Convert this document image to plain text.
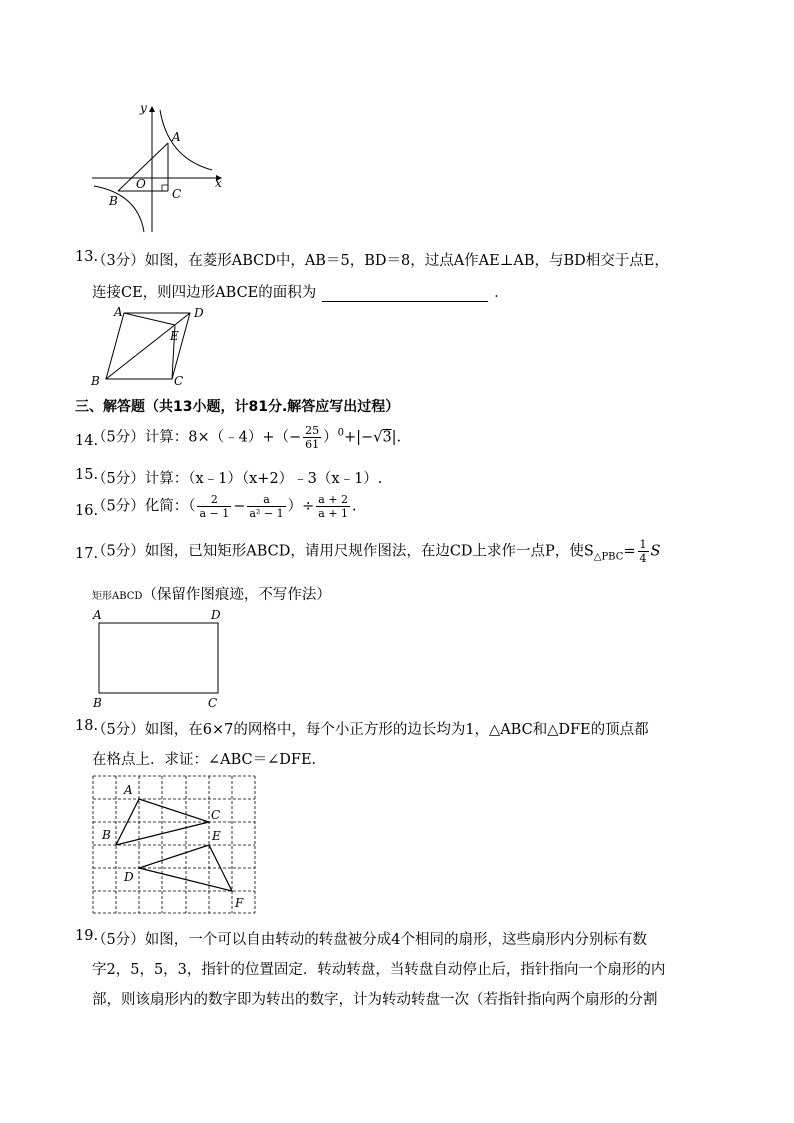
y
x
A
O
B	C
13.
（3分）如图，在菱形ABCD中，AB＝5，BD＝8，过点A作AE⊥AB，与BD相交于点E，
连接CE，则四边形ABCE的面积为	．
A	D
E
B	C
三、解答题（共13小题，计81分.解答应写出过程）
14.
（5分）计算：8×（﹣4）+（− $\frac{25}{61} )^0+|-√3|$.
15.
（5分）计算：（x﹣1）（x+2）﹣3（x﹣1）.
16.
（5分）化简：（ $\frac{2}{a - 1} - \frac{a}{\text{a² − 1}}$ ）÷ $\frac{a + 2}{a + 1}$ .
17.
（5分）如图，已知矩形ABCD，请用尺规作图法，在边CD上求作一点P，使$S_{\triangle PBC}= \frac{1}{4}$ S
矩形ABCD（保留作图痕迹，不写作法）
A	D
B	C
18.
（5分）如图，在6×7的网格中，每个小正方形的边长均为1，△ABC和△DFE的顶点都
在格点上．求证：∠ABC＝∠DFE．
A
B
C
D
E
F
19.
（5分）如图，一个可以自由转动的转盘被分成4个相同的扇形，这些扇形内分别标有数
字2，5，5，3，指针的位置固定．转动转盘，当转盘自动停止后，指针指向一个扇形的内
部，则该扇形内的数字即为转出的数字，计为转动转盘一次（若指针指向两个扇形的分割
